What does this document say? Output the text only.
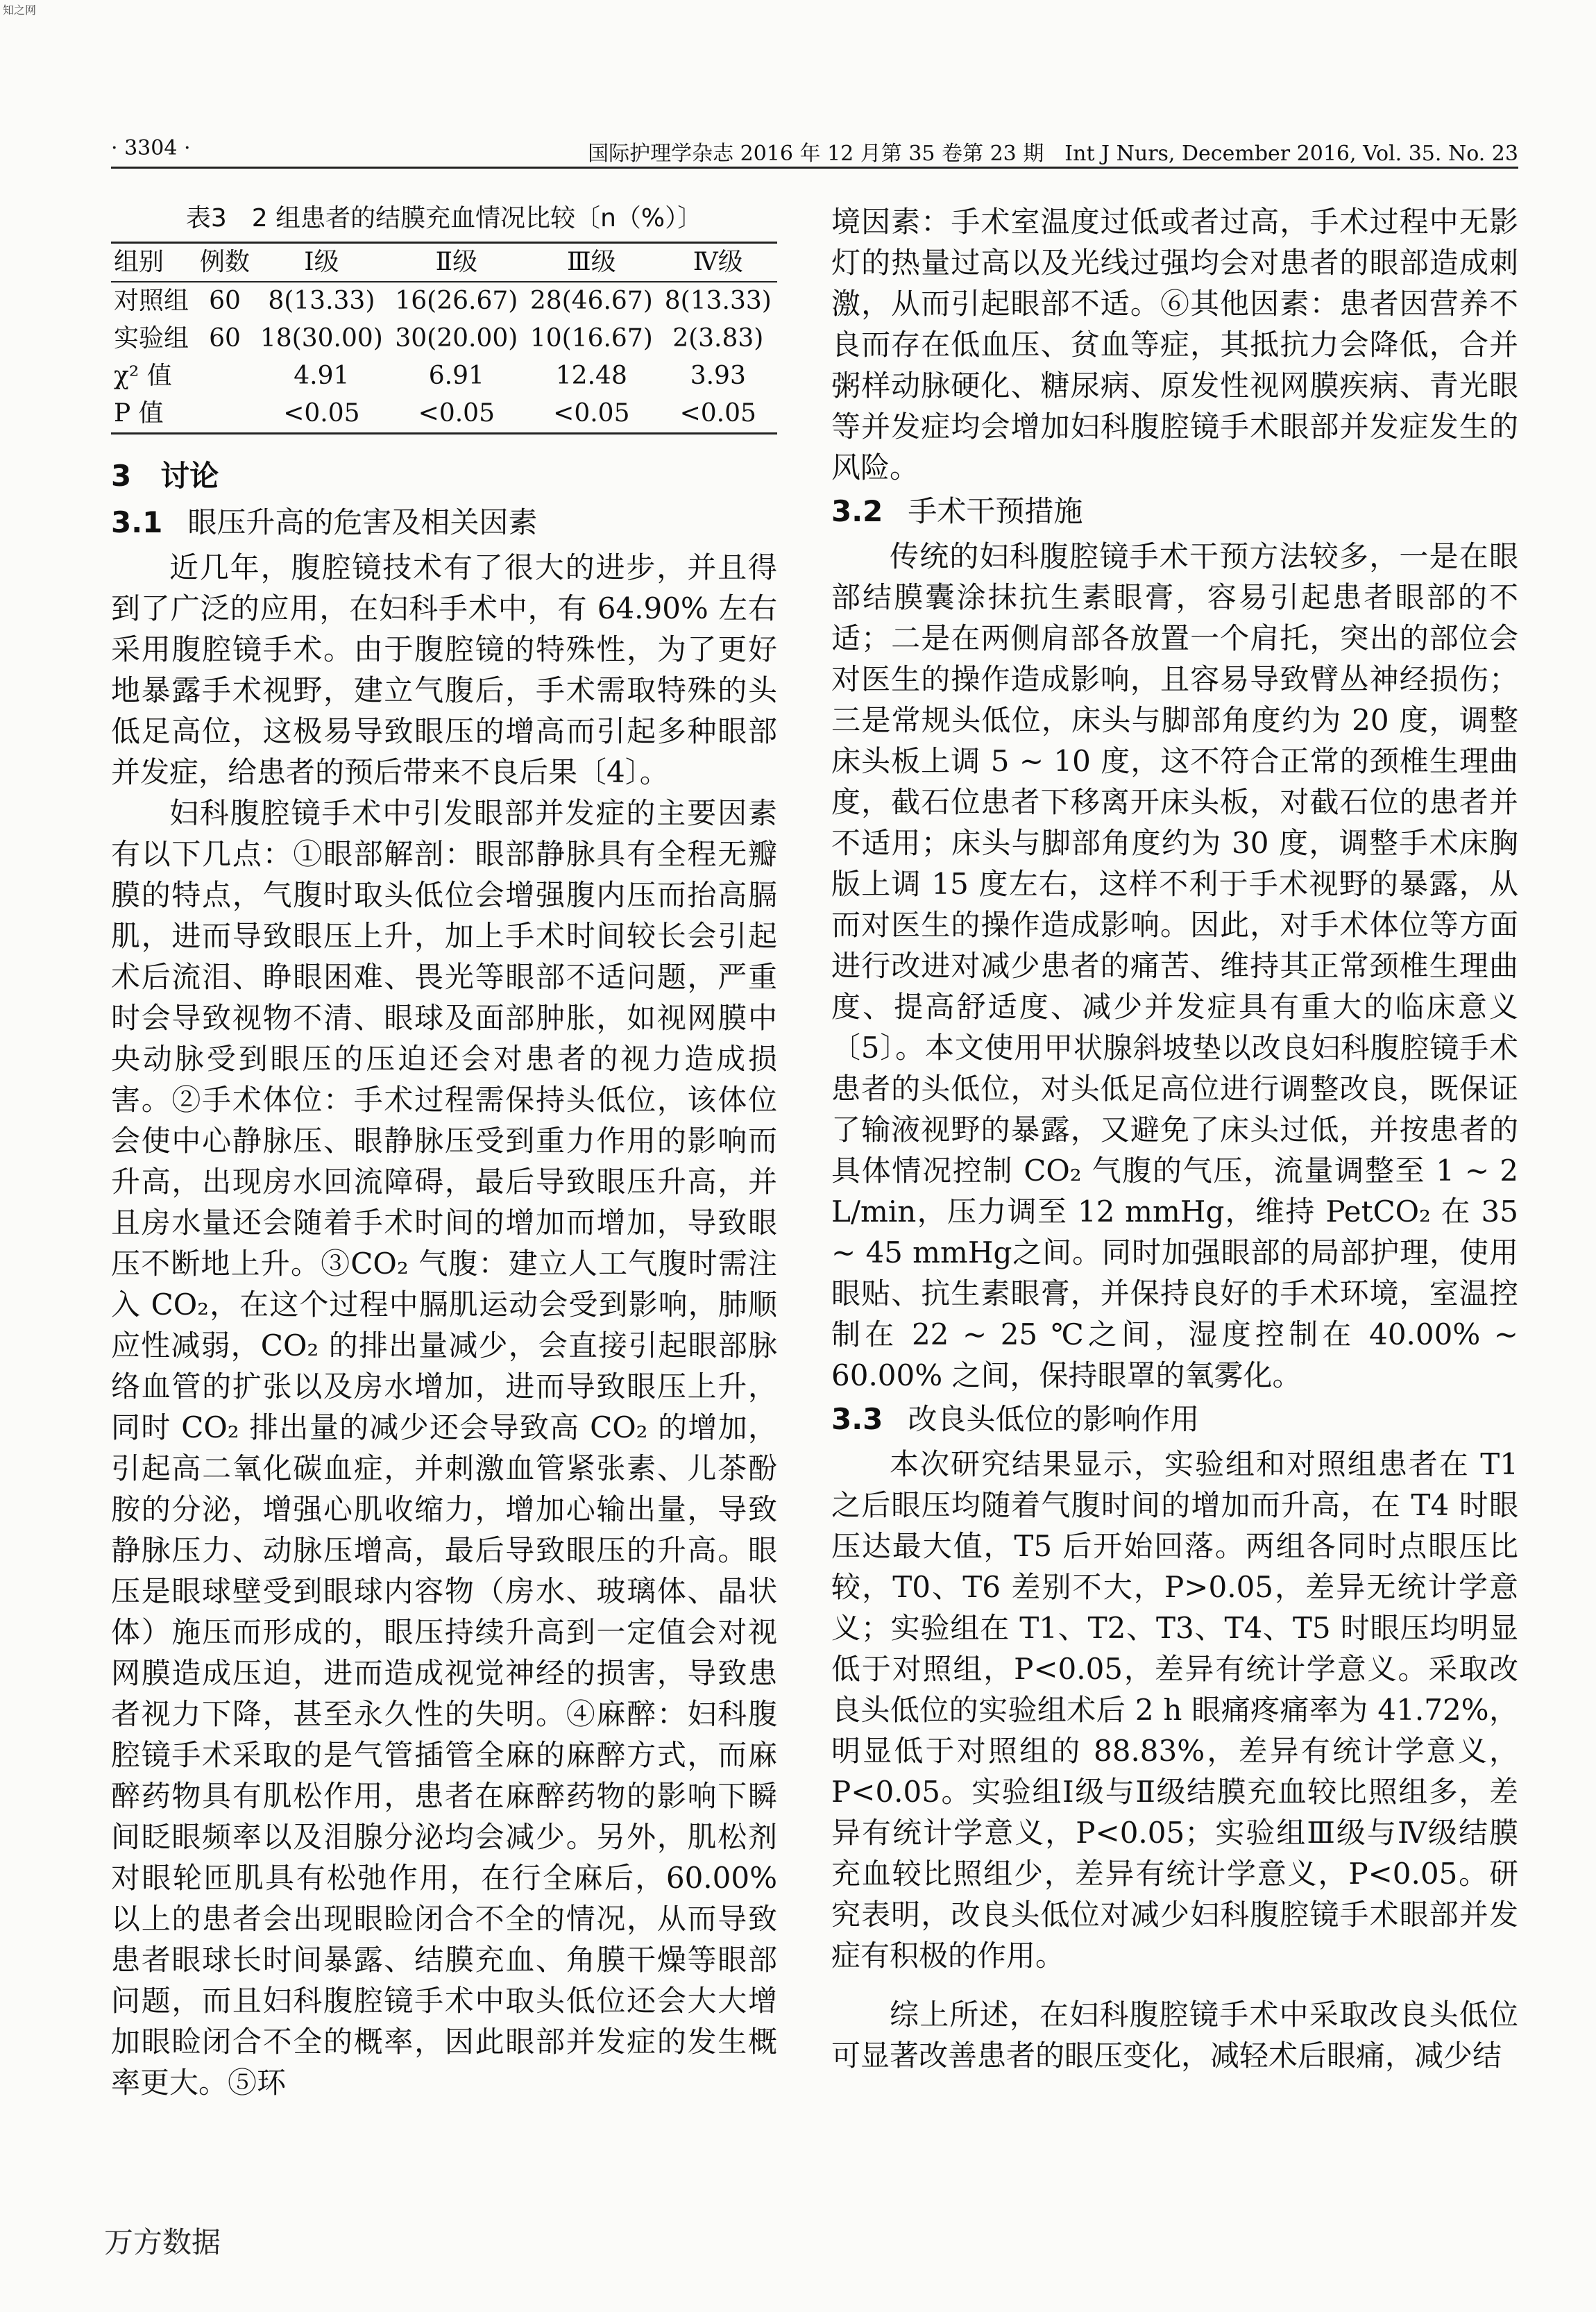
知之网
· 3304 ·	国际护理学杂志 2016 年 12 月第 35 卷第 23 期　Int J Nurs, December 2016, Vol. 35. No. 23
表3　2 组患者的结膜充血情况比较〔n（%）〕
组别	例数	Ⅰ级	Ⅱ级	Ⅲ级	Ⅳ级
对照组	60	8(13.33)	16(26.67)	28(46.67)	8(13.33)
实验组	60	18(30.00)	30(20.00)	10(16.67)	2(3.83)
χ² 值		4.91	6.91	12.48	3.93
P 值		<0.05	<0.05	<0.05	<0.05
3　讨论
3.1 眼压升高的危害及相关因素

近几年，腹腔镜技术有了很大的进步，并且得到了广泛的应用，在妇科手术中，有 64.90% 左右采用腹腔镜手术。由于腹腔镜的特殊性，为了更好地暴露手术视野，建立气腹后，手术需取特殊的头低足高位，这极易导致眼压的增高而引起多种眼部并发症，给患者的预后带来不良后果〔4〕。

妇科腹腔镜手术中引发眼部并发症的主要因素有以下几点：①眼部解剖：眼部静脉具有全程无瓣膜的特点，气腹时取头低位会增强腹内压而抬高膈肌，进而导致眼压上升，加上手术时间较长会引起术后流泪、睁眼困难、畏光等眼部不适问题，严重时会导致视物不清、眼球及面部肿胀，如视网膜中央动脉受到眼压的压迫还会对患者的视力造成损害。②手术体位：手术过程需保持头低位，该体位会使中心静脉压、眼静脉压受到重力作用的影响而升高，出现房水回流障碍，最后导致眼压升高，并且房水量还会随着手术时间的增加而增加，导致眼压不断地上升。③CO₂ 气腹：建立人工气腹时需注入 CO₂，在这个过程中膈肌运动会受到影响，肺顺应性减弱，CO₂ 的排出量减少，会直接引起眼部脉络血管的扩张以及房水增加，进而导致眼压上升，同时 CO₂ 排出量的减少还会导致高 CO₂ 的增加，引起高二氧化碳血症，并刺激血管紧张素、儿茶酚胺的分泌，增强心肌收缩力，增加心输出量，导致静脉压力、动脉压增高，最后导致眼压的升高。眼压是眼球壁受到眼球内容物（房水、玻璃体、晶状体）施压而形成的，眼压持续升高到一定值会对视网膜造成压迫，进而造成视觉神经的损害，导致患者视力下降，甚至永久性的失明。④麻醉：妇科腹腔镜手术采取的是气管插管全麻的麻醉方式，而麻醉药物具有肌松作用，患者在麻醉药物的影响下瞬间眨眼频率以及泪腺分泌均会减少。另外，肌松剂对眼轮匝肌具有松弛作用，在行全麻后，60.00% 以上的患者会出现眼睑闭合不全的情况，从而导致患者眼球长时间暴露、结膜充血、角膜干燥等眼部问题，而且妇科腹腔镜手术中取头低位还会大大增加眼睑闭合不全的概率，因此眼部并发症的发生概率更大。⑤环

境因素：手术室温度过低或者过高，手术过程中无影灯的热量过高以及光线过强均会对患者的眼部造成刺激，从而引起眼部不适。⑥其他因素：患者因营养不良而存在低血压、贫血等症，其抵抗力会降低，合并粥样动脉硬化、糖尿病、原发性视网膜疾病、青光眼等并发症均会增加妇科腹腔镜手术眼部并发症发生的风险。

3.2 手术干预措施

传统的妇科腹腔镜手术干预方法较多，一是在眼部结膜囊涂抹抗生素眼膏，容易引起患者眼部的不适；二是在两侧肩部各放置一个肩托，突出的部位会对医生的操作造成影响，且容易导致臂丛神经损伤；三是常规头低位，床头与脚部角度约为 20 度，调整床头板上调 5 ~ 10 度，这不符合正常的颈椎生理曲度，截石位患者下移离开床头板，对截石位的患者并不适用；床头与脚部角度约为 30 度，调整手术床胸版上调 15 度左右，这样不利于手术视野的暴露，从而对医生的操作造成影响。因此，对手术体位等方面进行改进对减少患者的痛苦、维持其正常颈椎生理曲度、提高舒适度、减少并发症具有重大的临床意义〔5〕。本文使用甲状腺斜坡垫以改良妇科腹腔镜手术患者的头低位，对头低足高位进行调整改良，既保证了输液视野的暴露，又避免了床头过低，并按患者的具体情况控制 CO₂ 气腹的气压，流量调整至 1 ~ 2 L/min，压力调至 12 mmHg，维持 PetCO₂ 在 35 ~ 45 mmHg之间。同时加强眼部的局部护理，使用眼贴、抗生素眼膏，并保持良好的手术环境，室温控制在 22 ~ 25 ℃之间，湿度控制在 40.00% ~ 60.00% 之间，保持眼罩的氧雾化。

3.3 改良头低位的影响作用

本次研究结果显示，实验组和对照组患者在 T1 之后眼压均随着气腹时间的增加而升高，在 T4 时眼压达最大值，T5 后开始回落。两组各同时点眼压比较，T0、T6 差别不大，P>0.05，差异无统计学意义；实验组在 T1、T2、T3、T4、T5 时眼压均明显低于对照组，P<0.05，差异有统计学意义。采取改良头低位的实验组术后 2 h 眼痛疼痛率为 41.72%，明显低于对照组的 88.83%，差异有统计学意义，P<0.05。实验组Ⅰ级与Ⅱ级结膜充血较比照组多，差异有统计学意义，P<0.05；实验组Ⅲ级与Ⅳ级结膜充血较比照组少，差异有统计学意义，P<0.05。研究表明，改良头低位对减少妇科腹腔镜手术眼部并发症有积极的作用。

综上所述，在妇科腹腔镜手术中采取改良头低位可显著改善患者的眼压变化，减轻术后眼痛，减少结

万方数据
